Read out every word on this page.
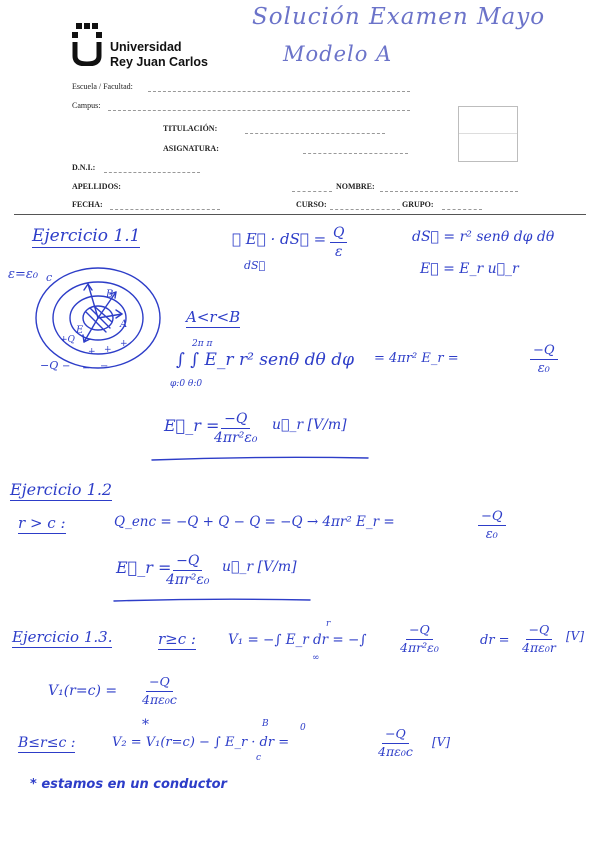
Universidad
Rey Juan Carlos
Solución Examen Mayo
Modelo A
Escuela / Facultad:
Campus:
TITULACIÓN:
ASIGNATURA:
D.N.I.:
APELLIDOS:	NOMBRE:
FECHA:	CURSO:	GRUPO:
Ejercicio 1.1	∮ E⃗ · dS⃗ = $\frac{Q}{\varepsilon}$
dS⃗
dS⃗ = r² senθ dφ dθ
E⃗ = E_r u⃗_r
ε=ε₀ c
B
A
E
+Q
−Q
+ +
+
− − −
A<r<B
2π π
∫ ∫ E_r r² senθ dθ dφ
φ:0 θ:0
= 4πr² E_r =	$\frac{-Q}{\text{ε₀}}$
E⃗_r =
$\frac{-Q}{\text{4πr²ε₀}}$ u⃗_r [V/m]
Ejercicio 1.2
r > c :	Q_enc = −Q + Q − Q = −Q → 4πr² E_r =	$\frac{-Q}{\text{ε₀}}$
E⃗_r =
$\frac{-Q}{\text{4πr²ε₀}}$ u⃗_r [V/m]
Ejercicio 1.3.	r≥c : V₁ = −∫ E_r dr = −∫
r
∞
$\frac{-Q}{\text{4πr²ε₀}}$	dr = $\frac{-Q}{\text{4πε₀r}} [V]$
$V_1(r=c) = \frac{-Q}{\text{4πε₀c}}$
B≤r≤c :
*
V₂ = V₁(r=c) − ∫ E_r · dr =
B
c
0	$\frac{-Q}{\text{4πε₀c}} [V]$
* estamos en un conductor
